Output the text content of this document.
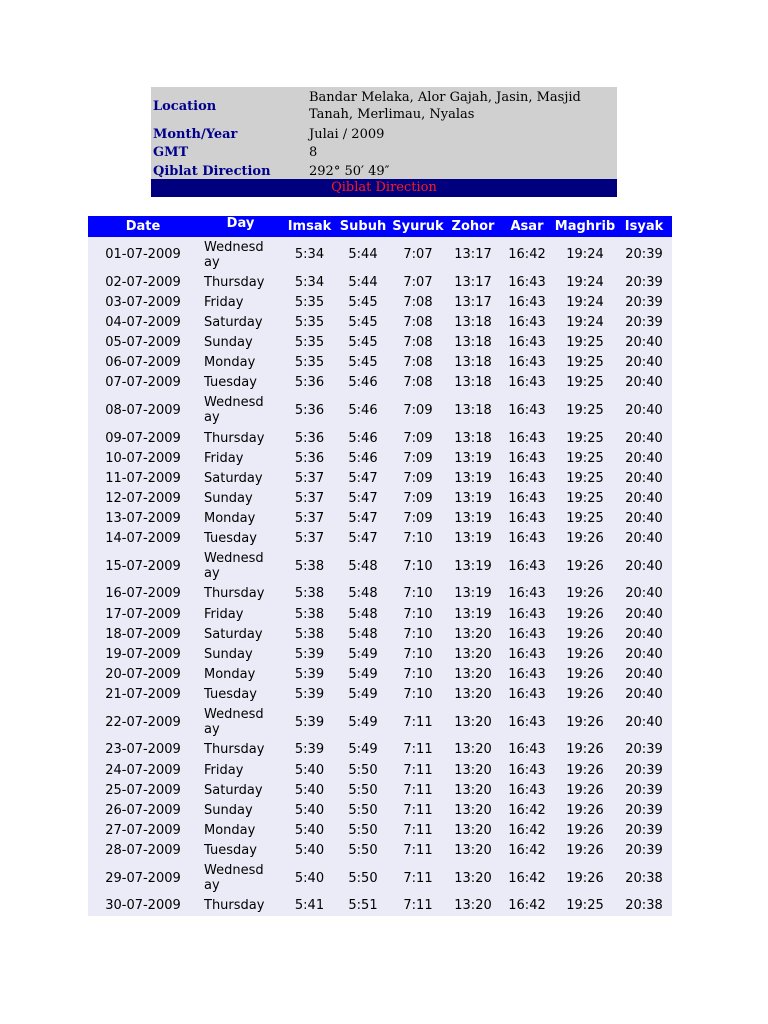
Location
Bandar Melaka, Alor Gajah, Jasin, Masjid Tanah, Merlimau, Nyalas
Month/Year	Julai / 2009
GMT	8
Qiblat Direction	292° 50′ 49″
Qiblat Direction
Date	Day	Imsak Subuh Syuruk Zohor	Asar Maghrib Isyak
01-07-2009	Wednesday	5:34	5:44	7:07	13:17	16:42	19:24	20:39
02-07-2009	Thursday	5:34	5:44	7:07	13:17	16:43	19:24	20:39
03-07-2009	Friday	5:35	5:45	7:08	13:17	16:43	19:24	20:39
04-07-2009	Saturday	5:35	5:45	7:08	13:18	16:43	19:24	20:39
05-07-2009	Sunday	5:35	5:45	7:08	13:18	16:43	19:25	20:40
06-07-2009	Monday	5:35	5:45	7:08	13:18	16:43	19:25	20:40
07-07-2009	Tuesday	5:36	5:46	7:08	13:18	16:43	19:25	20:40
08-07-2009	Wednesday	5:36	5:46	7:09	13:18	16:43	19:25	20:40
09-07-2009	Thursday	5:36	5:46	7:09	13:18	16:43	19:25	20:40
10-07-2009	Friday	5:36	5:46	7:09	13:19	16:43	19:25	20:40
11-07-2009	Saturday	5:37	5:47	7:09	13:19	16:43	19:25	20:40
12-07-2009	Sunday	5:37	5:47	7:09	13:19	16:43	19:25	20:40
13-07-2009	Monday	5:37	5:47	7:09	13:19	16:43	19:25	20:40
14-07-2009	Tuesday	5:37	5:47	7:10	13:19	16:43	19:26	20:40
15-07-2009	Wednesday	5:38	5:48	7:10	13:19	16:43	19:26	20:40
16-07-2009	Thursday	5:38	5:48	7:10	13:19	16:43	19:26	20:40
17-07-2009	Friday	5:38	5:48	7:10	13:19	16:43	19:26	20:40
18-07-2009	Saturday	5:38	5:48	7:10	13:20	16:43	19:26	20:40
19-07-2009	Sunday	5:39	5:49	7:10	13:20	16:43	19:26	20:40
20-07-2009	Monday	5:39	5:49	7:10	13:20	16:43	19:26	20:40
21-07-2009	Tuesday	5:39	5:49	7:10	13:20	16:43	19:26	20:40
22-07-2009	Wednesday	5:39	5:49	7:11	13:20	16:43	19:26	20:40
23-07-2009	Thursday	5:39	5:49	7:11	13:20	16:43	19:26	20:39
24-07-2009	Friday	5:40	5:50	7:11	13:20	16:43	19:26	20:39
25-07-2009	Saturday	5:40	5:50	7:11	13:20	16:43	19:26	20:39
26-07-2009	Sunday	5:40	5:50	7:11	13:20	16:42	19:26	20:39
27-07-2009	Monday	5:40	5:50	7:11	13:20	16:42	19:26	20:39
28-07-2009	Tuesday	5:40	5:50	7:11	13:20	16:42	19:26	20:39
29-07-2009	Wednesday	5:40	5:50	7:11	13:20	16:42	19:26	20:38
30-07-2009	Thursday	5:41	5:51	7:11	13:20	16:42	19:25	20:38
